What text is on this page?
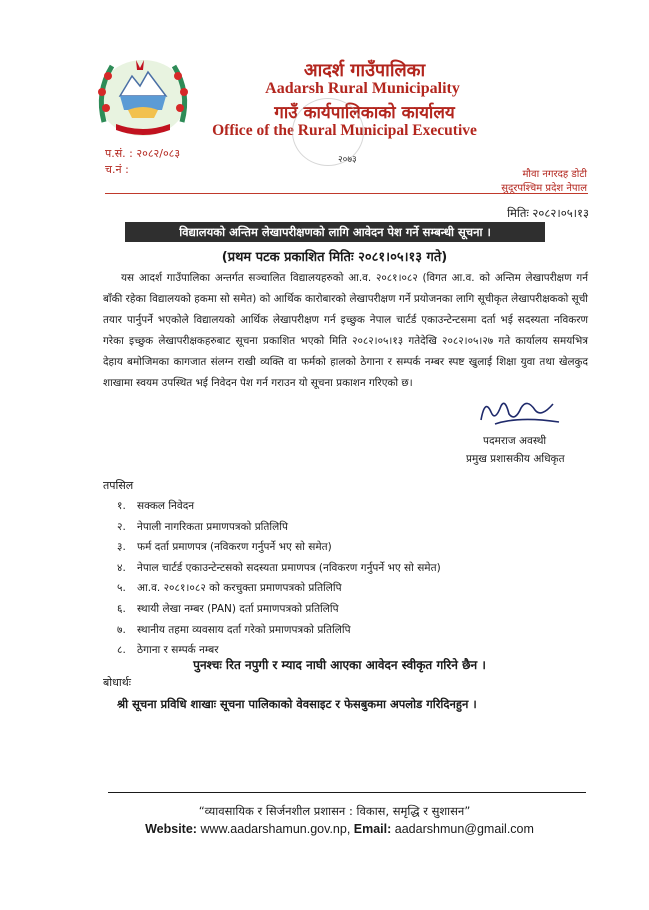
आदर्श गाउँपालिका
Aadarsh Rural Municipality
गाउँ कार्यपालिकाको कार्यालय
Office of the Rural Municipal Executive
२०७३
प.सं. : २०८२/०८३
च.नं :	मौवा नगरदह डोटी
सुदूरपश्चिम प्रदेश नेपाल
मितिः २०८२।०५।१३
विद्यालयको अन्तिम लेखापरीक्षणको लागि आवेदन पेश गर्ने सम्बन्धी सूचना ।
(प्रथम पटक प्रकाशित मितिः २०८१।०५।१३ गते)
यस आदर्श गाउँपालिका अन्तर्गत सञ्चालित विद्यालयहरुको आ.व. २०८१।०८२ (विगत आ.व. को अन्तिम लेखापरीक्षण गर्न बाँकी रहेका विद्यालयको हकमा सो समेत) को आर्थिक कारोबारको लेखापरीक्षण गर्ने प्रयोजनका लागि सूचीकृत लेखापरीक्षकको सूची तयार पार्नुपर्ने भएकोले विद्यालयको आर्थिक लेखापरीक्षण गर्न इच्छुक नेपाल चार्टर्ड एकाउन्टेन्टसमा दर्ता भई सदस्यता नविकरण गरेका इच्छुक लेखापरीक्षकहरुबाट सूचना प्रकाशित भएको मिति २०८२।०५।१३ गतेदेखि २०८२।०५।२७ गते कार्यालय समयभित्र देहाय बमोजिमका कागजात संलग्न राखी व्यक्ति वा फर्मको हालको ठेगाना र सम्पर्क नम्बर स्पष्ट खुलाई शिक्षा युवा तथा खेलकुद शाखामा स्वयम उपस्थित भई निवेदन पेश गर्न गराउन यो सूचना प्रकाशन गरिएको छ।
पदमराज अवस्थी
प्रमुख प्रशासकीय अधिकृत
तपसिल
१. सक्कल निवेदन
२. नेपाली नागरिकता प्रमाणपत्रको प्रतिलिपि
३. फर्म दर्ता प्रमाणपत्र (नविकरण गर्नुपर्ने भए सो समेत)
४. नेपाल चार्टर्ड एकाउन्टेन्टसको सदस्यता प्रमाणपत्र (नविकरण गर्नुपर्ने भए सो समेत)
५. आ.व. २०८१।०८२ को करचुक्ता प्रमाणपत्रको प्रतिलिपि
६. स्थायी लेखा नम्बर (PAN) दर्ता प्रमाणपत्रको प्रतिलिपि
७. स्थानीय तहमा व्यवसाय दर्ता गरेको प्रमाणपत्रको प्रतिलिपि
८. ठेगाना र सम्पर्क नम्बर
पुनश्चः रित नपुगी र म्याद नाघी आएका आवेदन स्वीकृत गरिने छैन ।
बोधार्थः
श्री सूचना प्रविधि शाखाः सूचना पालिकाको वेवसाइट र फेसबुकमा अपलोड गरिदिनहुन ।
“व्यावसायिक र सिर्जनशील प्रशासन : विकास, समृद्धि र सुशासन”
Website: www.aadarshamun.gov.np, Email: aadarshmun@gmail.com
